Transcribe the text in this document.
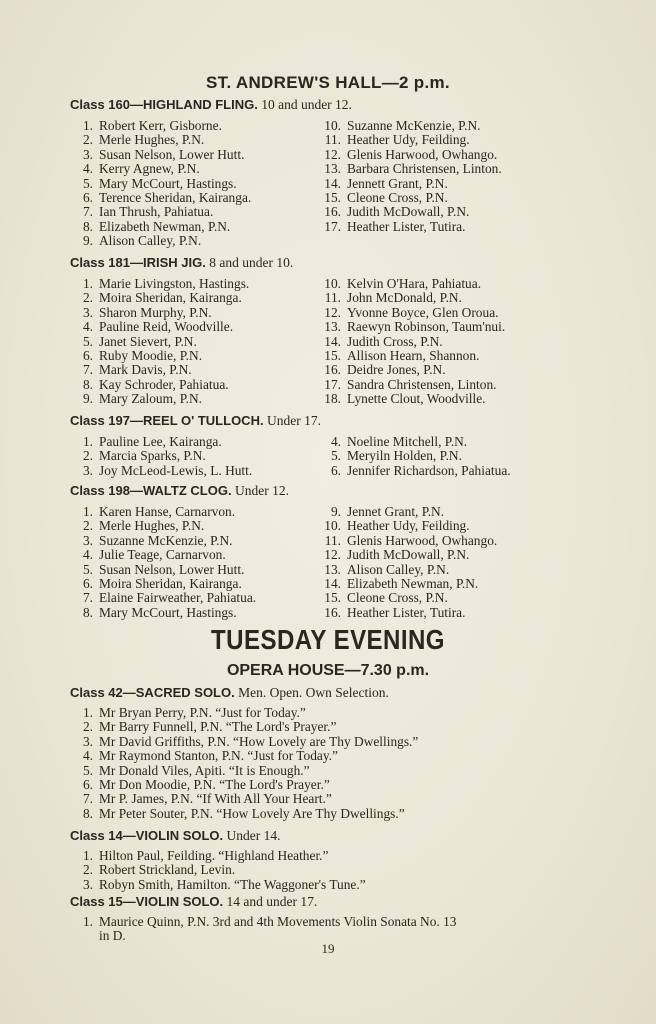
ST. ANDREW'S HALL—2 p.m.
Class 160—HIGHLAND FLING. 10 and under 12.
1. Robert Kerr, Gisborne.
2. Merle Hughes, P.N.
3. Susan Nelson, Lower Hutt.
4. Kerry Agnew, P.N.
5. Mary McCourt, Hastings.
6. Terence Sheridan, Kairanga.
7. Ian Thrush, Pahiatua.
8. Elizabeth Newman, P.N.
9. Alison Calley, P.N.
10. Suzanne McKenzie, P.N.
11. Heather Udy, Feilding.
12. Glenis Harwood, Owhango.
13. Barbara Christensen, Linton.
14. Jennett Grant, P.N.
15. Cleone Cross, P.N.
16. Judith McDowall, P.N.
17. Heather Lister, Tutira.
Class 181—IRISH JIG. 8 and under 10.
1. Marie Livingston, Hastings.
2. Moira Sheridan, Kairanga.
3. Sharon Murphy, P.N.
4. Pauline Reid, Woodville.
5. Janet Sievert, P.N.
6. Ruby Moodie, P.N.
7. Mark Davis, P.N.
8. Kay Schroder, Pahiatua.
9. Mary Zaloum, P.N.
10. Kelvin O'Hara, Pahiatua.
11. John McDonald, P.N.
12. Yvonne Boyce, Glen Oroua.
13. Raewyn Robinson, Taum'nui.
14. Judith Cross, P.N.
15. Allison Hearn, Shannon.
16. Deidre Jones, P.N.
17. Sandra Christensen, Linton.
18. Lynette Clout, Woodville.
Class 197—REEL O' TULLOCH. Under 17.
1. Pauline Lee, Kairanga.
2. Marcia Sparks, P.N.
3. Joy McLeod-Lewis, L. Hutt.
4. Noeline Mitchell, P.N.
5. Meryiln Holden, P.N.
6. Jennifer Richardson, Pahiatua.
Class 198—WALTZ CLOG. Under 12.
1. Karen Hanse, Carnarvon.
2. Merle Hughes, P.N.
3. Suzanne McKenzie, P.N.
4. Julie Teage, Carnarvon.
5. Susan Nelson, Lower Hutt.
6. Moira Sheridan, Kairanga.
7. Elaine Fairweather, Pahiatua.
8. Mary McCourt, Hastings.
9. Jennet Grant, P.N.
10. Heather Udy, Feilding.
11. Glenis Harwood, Owhango.
12. Judith McDowall, P.N.
13. Alison Calley, P.N.
14. Elizabeth Newman, P.N.
15. Cleone Cross, P.N.
16. Heather Lister, Tutira.
TUESDAY EVENING
OPERA HOUSE—7.30 p.m.
Class 42—SACRED SOLO. Men. Open. Own Selection.
1. Mr Bryan Perry, P.N. “Just for Today.”
2. Mr Barry Funnell, P.N. “The Lord's Prayer.”
3. Mr David Griffiths, P.N. “How Lovely are Thy Dwellings.”
4. Mr Raymond Stanton, P.N. “Just for Today.”
5. Mr Donald Viles, Apiti. “It is Enough.”
6. Mr Don Moodie, P.N. “The Lord's Prayer.”
7. Mr P. James, P.N. “If With All Your Heart.”
8. Mr Peter Souter, P.N. “How Lovely Are Thy Dwellings.”
Class 14—VIOLIN SOLO. Under 14.
1. Hilton Paul, Feilding. “Highland Heather.”
2. Robert Strickland, Levin.
3. Robyn Smith, Hamilton. “The Waggoner's Tune.”
Class 15—VIOLIN SOLO. 14 and under 17.
1. Maurice Quinn, P.N. 3rd and 4th Movements Violin Sonata No. 13
in D.
19
